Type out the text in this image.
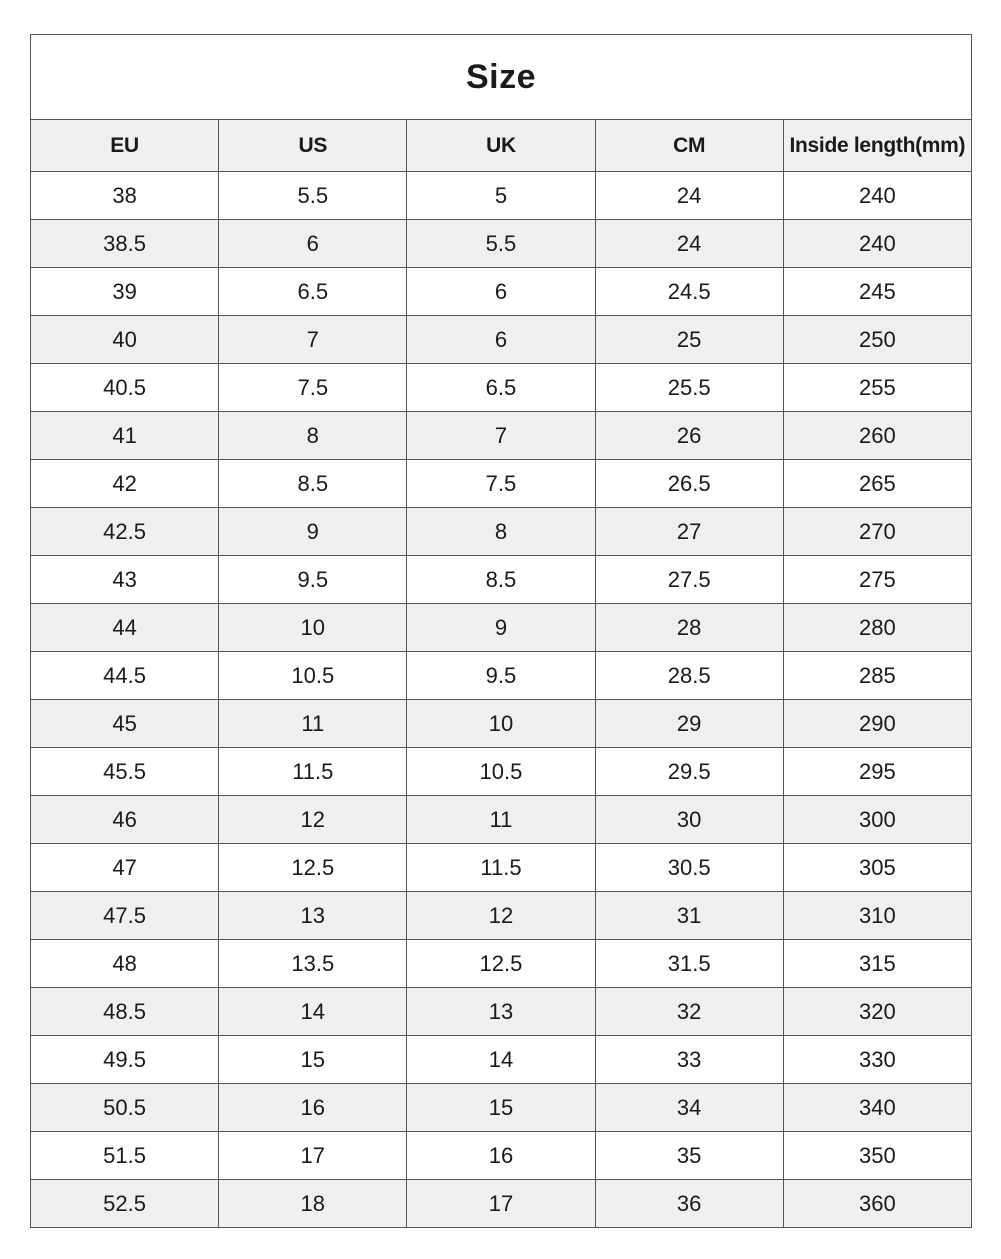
Size				
EU	US	UK	CM	Inside length(mm)
38	5.5	5	24	240
38.5	6	5.5	24	240
39	6.5	6	24.5	245
40	7	6	25	250
40.5	7.5	6.5	25.5	255
41	8	7	26	260
42	8.5	7.5	26.5	265
42.5	9	8	27	270
43	9.5	8.5	27.5	275
44	10	9	28	280
44.5	10.5	9.5	28.5	285
45	11	10	29	290
45.5	11.5	10.5	29.5	295
46	12	11	30	300
47	12.5	11.5	30.5	305
47.5	13	12	31	310
48	13.5	12.5	31.5	315
48.5	14	13	32	320
49.5	15	14	33	330
50.5	16	15	34	340
51.5	17	16	35	350
52.5	18	17	36	360
